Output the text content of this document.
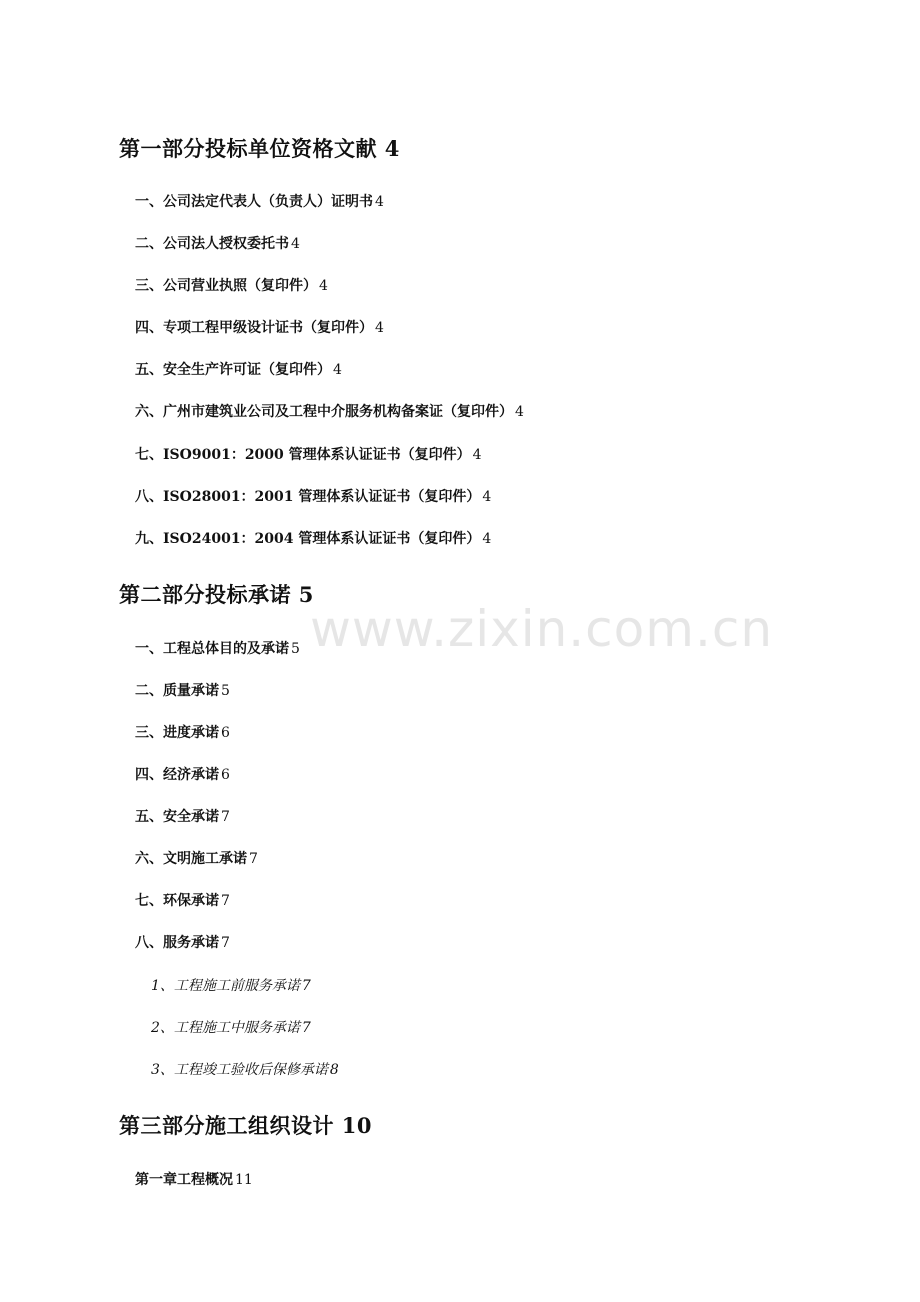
第一部分投标单位资格文献 4
一、公司法定代表人（负责人）证明书 4
二、公司法人授权委托书 4
三、公司营业执照（复印件） 4
四、专项工程甲级设计证书（复印件） 4
五、安全生产许可证（复印件） 4
六、广州市建筑业公司及工程中介服务机构备案证（复印件） 4
七、ISO9001：2000 管理体系认证证书（复印件） 4
八、ISO28001：2001 管理体系认证证书（复印件） 4
九、ISO24001：2004 管理体系认证证书（复印件） 4
第二部分投标承诺 5
一、工程总体目的及承诺 5
二、质量承诺 5
三、进度承诺 6
四、经济承诺 6
五、安全承诺 7
六、文明施工承诺 7
七、环保承诺 7
八、服务承诺 7
1、工程施工前服务承诺 7
2、工程施工中服务承诺 7
3、工程竣工验收后保修承诺 8
第三部分施工组织设计 10
第一章工程概况 11
www.zixin.com.cn
